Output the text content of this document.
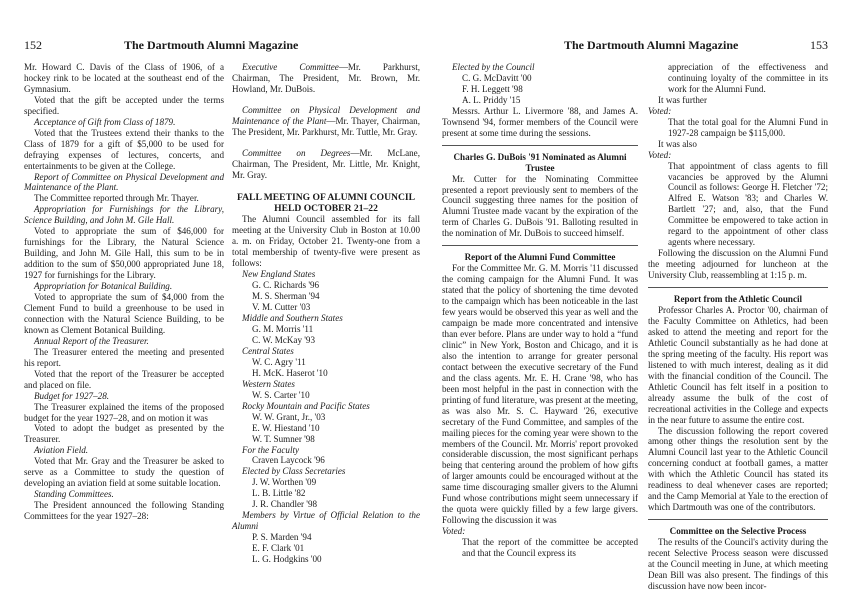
152	The Dartmouth Alumni Magazine	The Dartmouth Alumni Magazine	153

Mr. Howard C. Davis of the Class of 1906, of a hockey rink to be located at the southeast end of the Gymnasium.

Voted that the gift be accepted under the terms specified.

Acceptance of Gift from Class of 1879.

Voted that the Trustees extend their thanks to the Class of 1879 for a gift of $5,000 to be used for defraying expenses of lectures, concerts, and entertainments to be given at the College.

Report of Committee on Physical Development and Maintenance of the Plant.

The Committee reported through Mr. Thayer.

Appropriation for Furnishings for the Library, Science Building, and John M. Gile Hall.

Voted to appropriate the sum of $46,000 for furnishings for the Library, the Natural Science Building, and John M. Gile Hall, this sum to be in addition to the sum of $50,000 appropriated June 18, 1927 for furnishings for the Library.

Appropriation for Botanical Building.

Voted to appropriate the sum of $4,000 from the Clement Fund to build a greenhouse to be used in connection with the Natural Science Building, to be known as Clement Botanical Building.

Annual Report of the Treasurer.

The Treasurer entered the meeting and presented his report.

Voted that the report of the Treasurer be accepted and placed on file.

Budget for 1927–28.

The Treasurer explained the items of the proposed budget for the year 1927–28, and on motion it was

Voted to adopt the budget as presented by the Treasurer.

Aviation Field.

Voted that Mr. Gray and the Treasurer be asked to serve as a Committee to study the question of developing an aviation field at some suitable location.

Standing Committees.

The President announced the following Standing Committees for the year 1927–28:

Executive Committee—Mr. Parkhurst, Chairman, The President, Mr. Brown, Mr. Howland, Mr. DuBois.

Committee on Physical Development and Maintenance of the Plant—Mr. Thayer, Chairman, The President, Mr. Parkhurst, Mr. Tuttle, Mr. Gray.

Committee on Degrees—Mr. McLane, Chairman, The President, Mr. Little, Mr. Knight, Mr. Gray.

FALL MEETING OF ALUMNI COUNCIL HELD OCTOBER 21–22

The Alumni Council assembled for its fall meeting at the University Club in Boston at 10.00 a. m. on Friday, October 21. Twenty-one from a total membership of twenty-five were present as follows:

New England States

G. C. Richards '96

M. S. Sherman '94

V. M. Cutter '03

Middle and Southern States

G. M. Morris '11

C. W. McKay '93

Central States

W. C. Agry '11

H. McK. Haserot '10

Western States

W. S. Carter '10

Rocky Mountain and Pacific States

W. W. Grant, Jr., '03

E. W. Hiestand '10

W. T. Sumner '98

For the Faculty

Craven Laycock '96

Elected by Class Secretaries

J. W. Worthen '09

L. B. Little '82

J. R. Chandler '98

Members by Virtue of Official Relation to the Alumni

P. S. Marden '94

E. F. Clark '01

L. G. Hodgkins '00

Elected by the Council

C. G. McDavitt '00

F. H. Leggett '98

A. L. Priddy '15

Messrs. Arthur L. Livermore '88, and James A. Townsend '94, former members of the Council were present at some time during the sessions.

Charles G. DuBois '91 Nominated as Alumni Trustee

Mr. Cutter for the Nominating Committee presented a report previously sent to members of the Council suggesting three names for the position of Alumni Trustee made vacant by the expiration of the term of Charles G. DuBois '91. Balloting resulted in the nomination of Mr. DuBois to succeed himself.

Report of the Alumni Fund Committee

For the Committee Mr. G. M. Morris '11 discussed the coming campaign for the Alumni Fund. It was stated that the policy of shortening the time devoted to the campaign which has been noticeable in the last few years would be observed this year as well and the campaign be made more concentrated and intensive than ever before. Plans are under way to hold a “fund clinic” in New York, Boston and Chicago, and it is also the intention to arrange for greater personal contact between the executive secretary of the Fund and the class agents. Mr. E. H. Crane '98, who has been most helpful in the past in connection with the printing of fund literature, was present at the meeting, as was also Mr. S. C. Hayward '26, executive secretary of the Fund Committee, and samples of the mailing pieces for the coming year were shown to the members of the Council. Mr. Morris' report provoked considerable discussion, the most significant perhaps being that centering around the problem of how gifts of larger amounts could be encouraged without at the same time discouraging smaller givers to the Alumni Fund whose contributions might seem unnecessary if the quota were quickly filled by a few large givers. Following the discussion it was

Voted:

That the report of the committee be accepted and that the Council express its

appreciation of the effectiveness and continuing loyalty of the committee in its work for the Alumni Fund.

It was further

Voted:

That the total goal for the Alumni Fund in 1927-28 campaign be $115,000.

It was also

Voted:

That appointment of class agents to fill vacancies be approved by the Alumni Council as follows: George H. Fletcher '72; Alfred E. Watson '83; and Charles W. Bartlett '27; and, also, that the Fund Committee be empowered to take action in regard to the appointment of other class agents where necessary.

Following the discussion on the Alumni Fund the meeting adjourned for luncheon at the University Club, reassembling at 1:15 p. m.

Report from the Athletic Council

Professor Charles A. Proctor '00, chairman of the Faculty Committee on Athletics, had been asked to attend the meeting and report for the Athletic Council substantially as he had done at the spring meeting of the faculty. His report was listened to with much interest, dealing as it did with the financial condition of the Council. The Athletic Council has felt itself in a position to already assume the bulk of the cost of recreational activities in the College and expects in the near future to assume the entire cost.

The discussion following the report covered among other things the resolution sent by the Alumni Council last year to the Athletic Council concerning conduct at football games, a matter with which the Athletic Council has stated its readiness to deal whenever cases are reported; and the Camp Memorial at Yale to the erection of which Dartmouth was one of the contributors.

Committee on the Selective Process

The results of the Council's activity during the recent Selective Process season were discussed at the Council meeting in June, at which meeting Dean Bill was also present. The findings of this discussion have now been incor-
